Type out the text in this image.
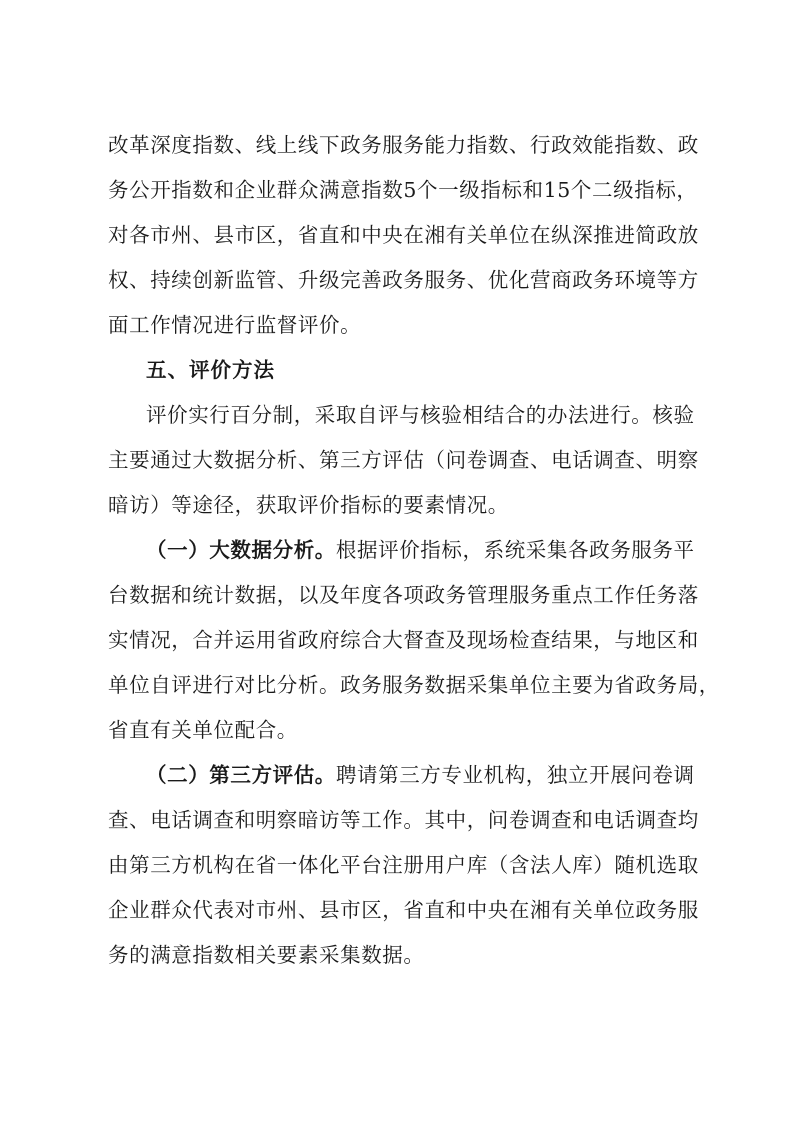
改革深度指数、线上线下政务服务能力指数、行政效能指数、政
务公开指数和企业群众满意指数5个一级指标和15个二级指标，
对各市州、县市区，省直和中央在湘有关单位在纵深推进简政放
权、持续创新监管、升级完善政务服务、优化营商政务环境等方
面工作情况进行监督评价。
五、评价方法
评价实行百分制，采取自评与核验相结合的办法进行。核验
主要通过大数据分析、第三方评估（问卷调查、电话调查、明察
暗访）等途径，获取评价指标的要素情况。
（一）大数据分析。根据评价指标，系统采集各政务服务平
台数据和统计数据，以及年度各项政务管理服务重点工作任务落
实情况，合并运用省政府综合大督查及现场检查结果，与地区和
单位自评进行对比分析。政务服务数据采集单位主要为省政务局，
省直有关单位配合。
（二）第三方评估。聘请第三方专业机构，独立开展问卷调
查、电话调查和明察暗访等工作。其中，问卷调查和电话调查均
由第三方机构在省一体化平台注册用户库（含法人库）随机选取
企业群众代表对市州、县市区，省直和中央在湘有关单位政务服
务的满意指数相关要素采集数据。
